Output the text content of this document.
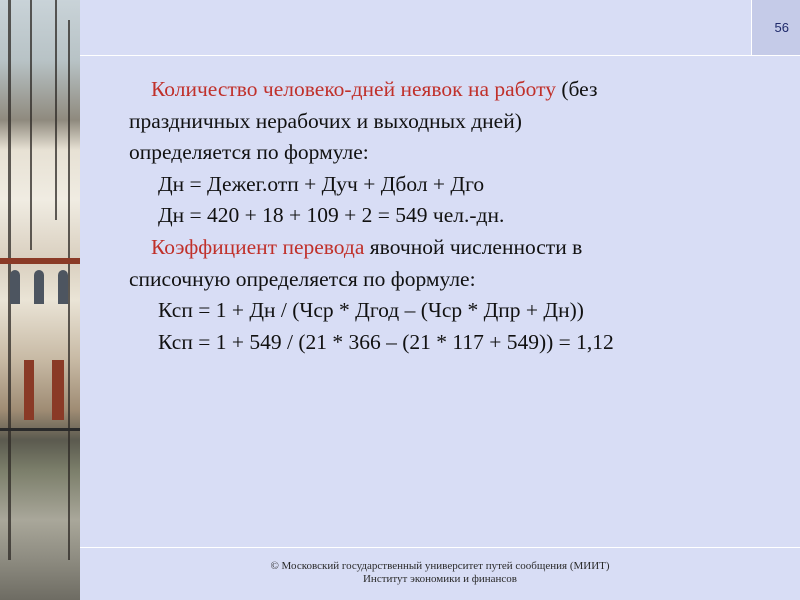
56

Количество человеко-дней неявок на работу (без

праздничных нерабочих и выходных дней)

определяется по формуле:

Дн = Дежег.отп + Дуч + Дбол + Дго

Дн = 420 + 18 + 109 + 2 = 549 чел.-дн.

Коэффициент перевода явочной численности в

списочную определяется по формуле:

Ксп = 1 + Дн / (Чср * Дгод – (Чср * Дпр + Дн))

Ксп = 1 + 549 / (21 * 366 – (21 * 117 + 549)) = 1,12

© Московский государственный университет путей сообщения (МИИТ)
Институт экономики и финансов
